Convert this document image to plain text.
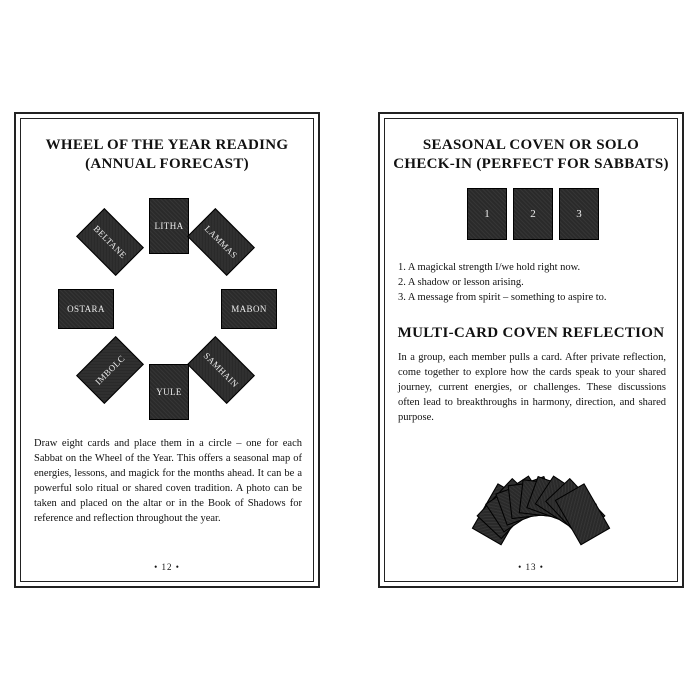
WHEEL OF THE YEAR READING
(ANNUAL FORECAST)
LITHA LAMMAS
MABON
SAMHAIN
YULE
IMBOLC
OSTARA
BELTANE

Draw eight cards and place them in a circle – one for each Sabbat on the Wheel of the Year. This offers a seasonal map of energies, lessons, and magick for the months ahead. It can be a powerful solo ritual or shared coven tradition. A photo can be taken and placed on the altar or in the Book of Shadows for reference and reflection throughout the year.

• 12 •
SEASONAL COVEN OR SOLO
CHECK-IN (PERFECT FOR SABBATS)
1	2	3
1. A magickal strength I/we hold right now.
2. A shadow or lesson arising.
3. A message from spirit – something to aspire to.
MULTI-CARD COVEN REFLECTION

In a group, each member pulls a card. After private reflection, come together to explore how the cards speak to your shared journey, current energies, or challenges. These discussions often lead to breakthroughs in harmony, direction, and shared purpose.

• 13 •
